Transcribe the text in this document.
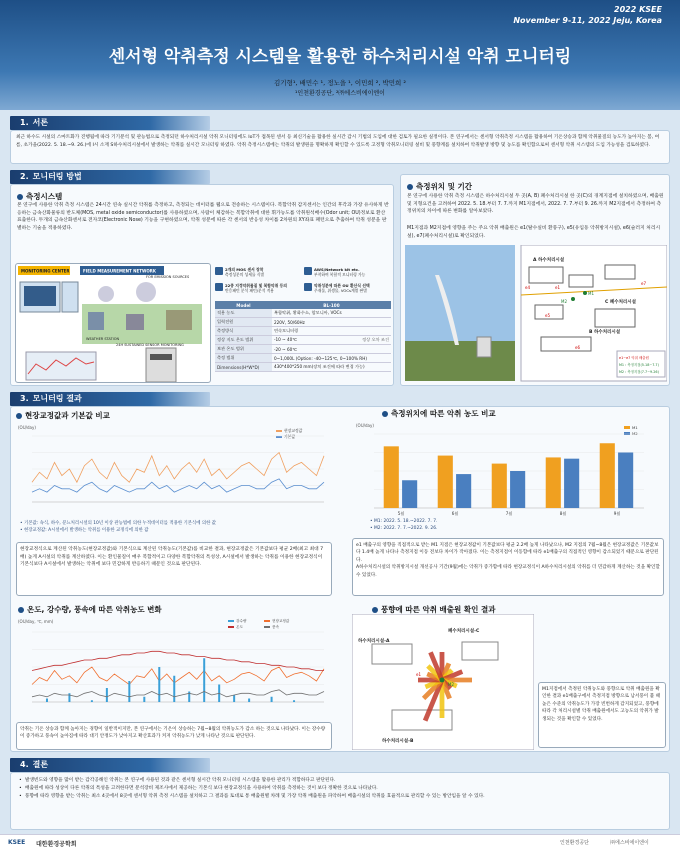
2022 KSEE
November 9-11, 2022 Jeju, Korea
센서형 악취측정 시스템을 활용한 하수처리시설 악취 모니터링
김기형¹, 배민수 ¹, 정노을 ¹, 이민희 ², 박민희 ²
¹인천환경공단, ²㈜에스비에이엔이
1. 서론
최근 하수도 시설의 스마트화가 진행됨에 따라 기기분석 및 관능법으로 측정되던 하수처리시설 악취 모니터링에도 IoT가 접목된 센서 등 최신기술을 활용한 실시간 감시 기법의 도입에 대한 검토가 필요한 실정이다. 본 연구에서는 센서형 악취측정 시스템을 활용하여 기온상승과 함께 악취물질의 농도가 높아지는 봄, 여름, 초가을(2022. 5. 18.~9. 26.)에 I시 소재 S하수처리시설에서 발생하는 악취를 실시간 모니터링 하였다. 악취 측정시스템에는 악취의 발생원을 명확하게 확인할 수 있도록 고정형 악취모니터링 설비 및 풍향계를 설치하여 악취발생 방향 및 농도를 확인함으로써 센서형 악취 시스템의 도입 가능성을 검토하였다.
2. 모니터링 방법
측정시스템
본 연구에 사용한 악취 측정 시스템은 24시간 연속 실시간 악취를 측정하고, 측정되는 데이터를 웹으로 전송하는 시스템이다. 복합악취 감지센서는 인간의 후각과 가장 유사하게 반응하는 금속산화물류의 반도체(MOS, metal oxide semiconductor)를 사용하였으며, 사람이 체감하는 복합악취에 대한 휘가능도를 악취원석배수(Odor unit; OU)정보로 환산 표출한다. 두개의 금속산화센서로 전자코(Electronic Nose) 기능을 구현하였으며, 악취 성분에 따른 각 센서의 반응성 차이를 2차원의 XY좌표 패턴으로 추출하여 악취 성분을 판별하는 기술을 적용하였다.
MONITORING CENTER	FIELD MEASUREMENT NETWORK
WEATHER STATION
24H SUSTAINED SENSOR MONITORING
FOR EMISSION SOURCES
2개의 MOS 센서 장착
측정성분의 성세를 식별
AWS/Network kit etc.
부착하여 복합적 모니터링 가능
22종 지정악취물질 및 복합악취 등의
반응패턴 분석 패턴/분석 적용
악취성분에 따른 OU 환산식 선택
주재물, 위생물, VOCs계열 판별
Model	BL-100
적용 농도	복합악취, 황화수소, 암모니아, VOCs
입력전원	220V, 50/60Hz
측정방식	연속모니터링
정상 지도 온도 범위	-10 ~ 40℃ 정상 오차 조건

보관 온도 범위	-20 ~ 60℃
측정 범위	0~1,000L (Option: -40~125℃, 0~100% RH)
Dimensions(H*W*D)	430*400*250 mm(장치 조건에 따라 변경 가능)
측정위치 및 기간
본 연구에 사용한 악취 측정 시스템은 하수처리시설 두 곳(A, B) 폐수처리시설 한 곳(C)의 경계지점에 설치하였으며, 배출원 및 지형요건을 고려하여 2022. 5. 18.부터 7. 7.까지 M1지점에서, 2022. 7. 7.부터 9. 26.까지 M2지점에서 측정하여 측정위치의 차이에 따른 변화를 알아보았다.
M1지점과 M2지점에 영향을 주는 주요 악취 배출원은 e1(탈수실비 환풍구), e5(유입동 악취방지시설), e6(슬러지 처리시설), e7(폐수처리시설)로 확인되었다.
A 하수처리시설
C 폐수처리시설
B 하수처리시설
M1
M2
e1
e4
e5
e6
e7
e1~e7 악취 배출원
M1 : 측정지점(5.18~7.7)
M2 : 측정지점(7.7~9.26)
3. 모니터링 결과
현장교정값과 기본값 비교
(OU/day)
현장교정값
기본값
• 기본값: 속식, 하수, 분뇨처리시설의 10년 이상 관능법에 의한 누적데이터를 적용한 기본식에 의한 값
• 현장교정값: A시설에서 발생하는 악취를 이용한 교정식에 의한 값
현장교정식으로 계산된 악취농도(현장교정값)와 기본식으로 계산된 악취농도(기본값)를 비교한 결과, 현장교정값은 기본값보다 평균 2배(최고 최대 7배) 높게 A시설의 악취를 계산하였다. 이는 환인물질이 매우 복합적이고 다양한 복합악취의 특성상, A시설에서 발생하는 악취를 이용한 현장교정식이 기본식보다 A시설에서 발생하는 악취에 보다 민감하게 반응하기 때문인 것으로 판단된다.
측정위치에 따른 악취 농도 비교
(OU/day)	M1
M2
5월	6월	7월	8월	9월
• M1: 2022. 5. 18.~2022. 7. 7.
• M2: 2022. 7. 7.~2022. 9. 26.
e1 배출구의 영향을 직접적으로 받는 M1 지점은 현장교정값이 기본값보다 평균 2.2배 높게 나타났으나, M2 지점의 7월~8월은 현장교정값은 기본값보다 1.4배 높게 나타나 측정지점 이동 전보다 차이가 작아졌다. 이는 측정지점이 이동함에 따라 e1배출구의 직접적인 영향이 감소되었기 때문으로 판단된다.
A하수처리시설의 악취방지시설 개선공사 기간(9월)에는 악취가 증가함에 따라 현장교정식이 A하수처리시설의 악취를 더 민감하게 계산하는 것을 확인할 수 있었다.
온도, 강수량, 풍속에 따른 악취농도 변화
(OU/day, ℃, mm)	강수량	현장교정값
온도	풍속
악취는 기온 상승과 함께 높아지는 경향이 일반적이지만, 본 연구에서는 기온이 상승하는 7월~8월의 악취농도가 감소 하는 것으로 나타났다. 이는 강수량이 증가하고 풍속이 높아짐에 따라 대기 안정도가 낮아지고 확산효과가 커져 악취농도가 낮게 나타난 것으로 판단된다.
풍향에 따른 악취 배출원 확인 결과
폐수처리시설-C
하수처리시설-A
하수처리시설-B
e1
M2
M1지점에서 측정된 악취농도와 풍향으로 악취 배출원을 확인한 결과 e1배출구에서 측정지점 방향으로 남서풍이 불 때 높은 수준의 악취농도가 가장 빈번하게 감지되었고, 풍향에 따라 각 처리시설별 악취 배출원에서도 고농도의 악취가 발생되는 것을 확인할 수 있었다.
4. 결론
• 발생빈도와 영향을 많이 받는 감각공해인 악취는 본 연구에 사용된 것과 같은 센서형 실시간 악취 모니터링 시스템을 활용한 관리가 적합하다고 판단된다.
• 배출원에 따라 성상이 다른 악취의 특성을 고려한다면 분석장비 제조사에서 제공하는 기본식 보다 현장교정식을 사용하여 악취를 측정하는 것이 보다 정확한 것으로 나타났다.
• 풍향에 따라 영향을 받는 악취는 최소 4곳에서 8곳에 센서형 악취 측정 시스템을 설치하고 그 결과를 토대로 통 배출원별 차례 및 가장 악취 배출원을 파악하여 배출시설의 악취를 효율적으로 관리할 수 있는 방안임을 알 수 있다.
KSEE 대한환경공학회	인천환경공단	㈜에스비에이엔이
